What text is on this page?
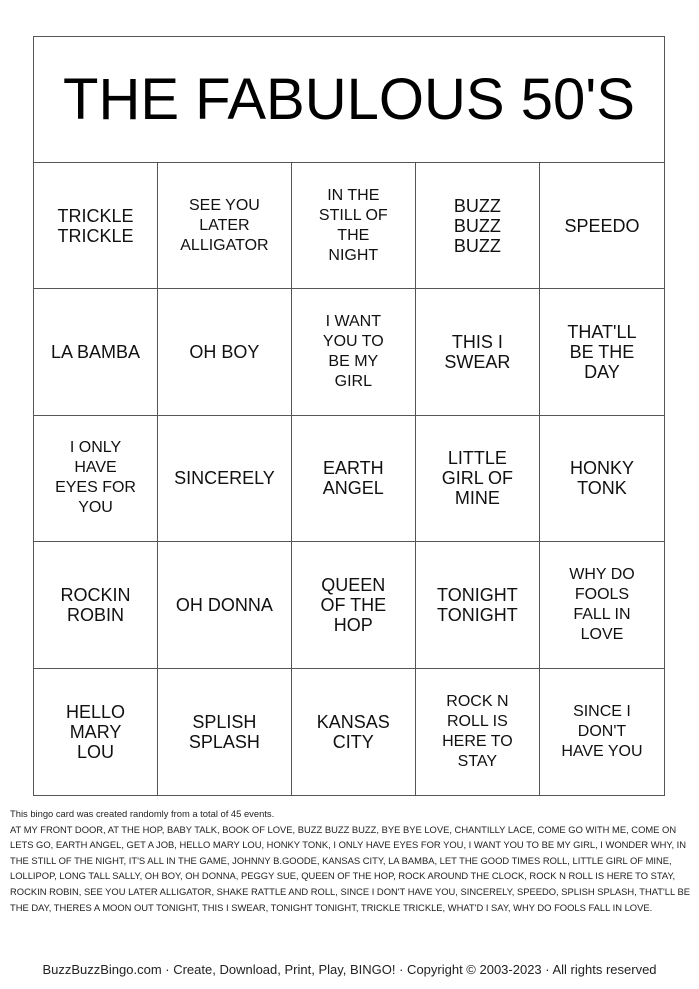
THE FABULOUS 50'S
TRICKLE TRICKLE
SEE YOU LATER ALLIGATOR
IN THE STILL OF THE NIGHT
BUZZ BUZZ BUZZ
SPEEDO
LA BAMBA	OH BOY
I WANT YOU TO BE MY GIRL
THIS I SWEAR
THAT'LL BE THE DAY
I ONLY HAVE EYES FOR YOU
SINCERELY	EARTH ANGEL
LITTLE GIRL OF MINE
HONKY TONK
ROCKIN ROBIN	OH DONNA
QUEEN OF THE HOP
TONIGHT TONIGHT
WHY DO FOOLS FALL IN LOVE
HELLO MARY LOU
SPLISH SPLASH
KANSAS CITY
ROCK N ROLL IS HERE TO STAY
SINCE I DON'T HAVE YOU
This bingo card was created randomly from a total of 45 events.
AT MY FRONT DOOR, AT THE HOP, BABY TALK, BOOK OF LOVE, BUZZ BUZZ BUZZ, BYE BYE LOVE, CHANTILLY LACE, COME GO WITH ME, COME ON LETS GO, EARTH ANGEL, GET A JOB, HELLO MARY LOU, HONKY TONK, I ONLY HAVE EYES FOR YOU, I WANT YOU TO BE MY GIRL, I WONDER WHY, IN THE STILL OF THE NIGHT, IT'S ALL IN THE GAME, JOHNNY B.GOODE, KANSAS CITY, LA BAMBA, LET THE GOOD TIMES ROLL, LITTLE GIRL OF MINE, LOLLIPOP, LONG TALL SALLY, OH BOY, OH DONNA, PEGGY SUE, QUEEN OF THE HOP, ROCK AROUND THE CLOCK, ROCK N ROLL IS HERE TO STAY, ROCKIN ROBIN, SEE YOU LATER ALLIGATOR, SHAKE RATTLE AND ROLL, SINCE I DON'T HAVE YOU, SINCERELY, SPEEDO, SPLISH SPLASH, THAT'LL BE THE DAY, THERES A MOON OUT TONIGHT, THIS I SWEAR, TONIGHT TONIGHT, TRICKLE TRICKLE, WHAT'D I SAY, WHY DO FOOLS FALL IN LOVE.
BuzzBuzzBingo.com · Create, Download, Print, Play, BINGO! · Copyright © 2003-2023 · All rights reserved
